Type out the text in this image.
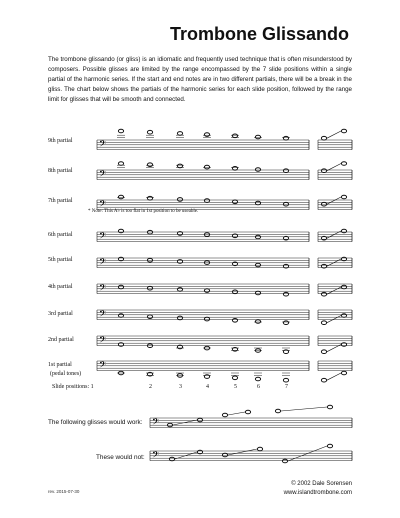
Trombone Glissando
The trombone glissando (or gliss) is an idiomatic and frequently used technique that is often misunderstood by composers. Possible glisses are limited by the range encompassed by the 7 slide positions within a single partial of the harmonic series. If the start and end notes are in two different partials, there will be a break in the gliss. The chart below shows the partials of the harmonic series for each slide position, followed by the range limit for glisses that will be smooth and connected.
9th partial
8th partial
7th partial
6th partial
5th partial
4th partial
3rd partial
2nd partial
1st partial
* Note: This A♭ is too flat in 1st position to be useable.
(pedal tones)
Slide positions: 1	2	3	4	5	6	7
The following glisses would work:
These would not:
© 2002 Dale Sorensen
www.islandtrombone.com
rev. 2015-07-30
𝄢
𝄢
𝄢
𝄢
𝄢
𝄢
𝄢
𝄢
𝄢
𝄢
𝄢
